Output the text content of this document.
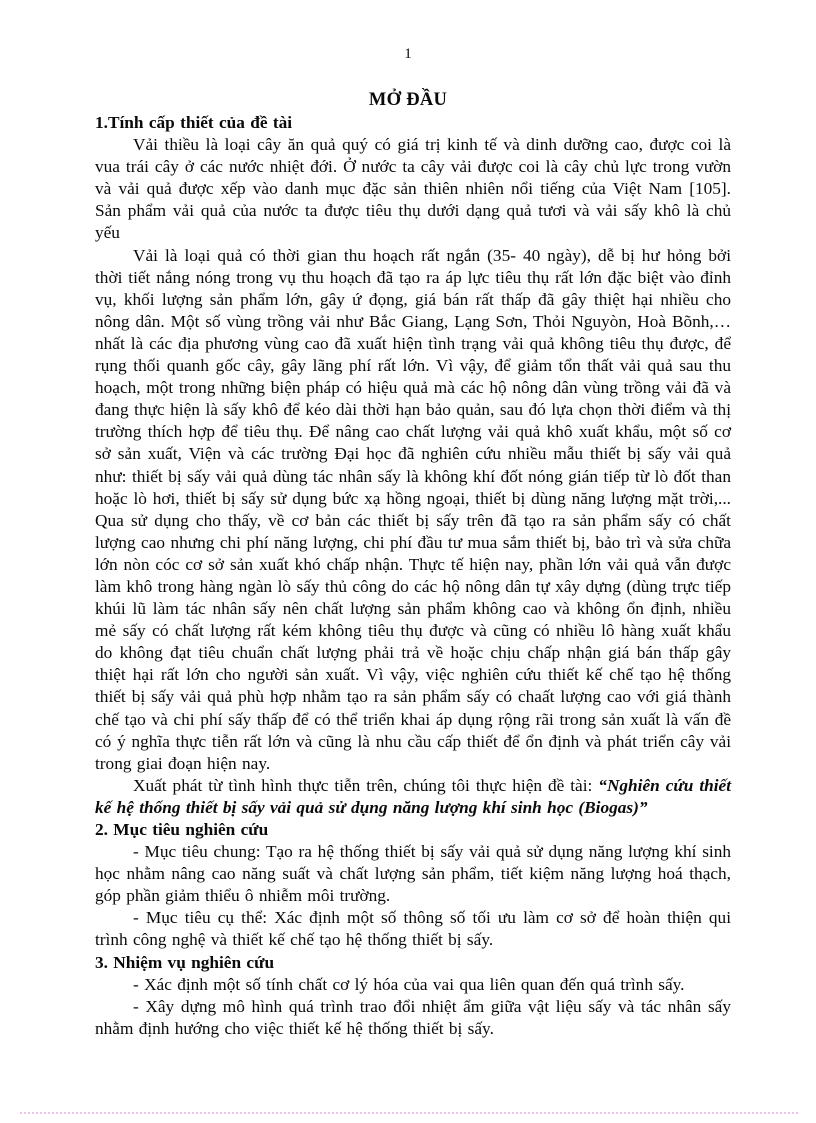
1
MỞ ĐẦU
1.Tính cấp thiết của đề tài
Vải thiều là loại cây ăn quả quý có giá trị kinh tế và dinh dưỡng cao, được coi là vua trái cây ở các nước nhiệt đới. Ở nước ta cây vải được coi là cây chủ lực trong vườn và vải quả được xếp vào danh mục đặc sản thiên nhiên nổi tiếng của Việt Nam [105]. Sản phẩm vải quả của nước ta được tiêu thụ dưới dạng quả tươi và vải sấy khô là chủ yếu
Vải là loại quả có thời gian thu hoạch rất ngắn (35- 40 ngày), dễ bị hư hỏng bởi thời tiết nắng nóng trong vụ thu hoạch đã tạo ra áp lực tiêu thụ rất lớn đặc biệt vào đỉnh vụ, khối lượng sản phẩm lớn, gây ứ đọng, giá bán rất thấp đã gây thiệt hại nhiều cho nông dân. Một số vùng trồng vải như Bắc Giang, Lạng Sơn, Thỏi Nguyòn, Hoà Bõnh,…nhất là các địa phương vùng cao đã xuất hiện tình trạng vải quả không tiêu thụ được, để rụng thối quanh gốc cây, gây lãng phí rất lớn. Vì vậy, để giảm tổn thất vải quả sau thu hoạch, một trong những biện pháp có hiệu quả mà các hộ nông dân vùng trồng vải đã và đang thực hiện là sấy khô để kéo dài thời hạn bảo quản, sau đó lựa chọn thời điểm và thị trường thích hợp để tiêu thụ. Để nâng cao chất lượng vải quả khô xuất khẩu, một số cơ sở sản xuất, Viện và các trường Đại học đã nghiên cứu nhiều mẫu thiết bị sấy vải quả như: thiết bị sấy vải quả dùng tác nhân sấy là không khí đốt nóng gián tiếp từ lò đốt than hoặc lò hơi, thiết bị sấy sử dụng bức xạ hồng ngoại, thiết bị dùng năng lượng mặt trời,... Qua sử dụng cho thấy, về cơ bản các thiết bị sấy trên đã tạo ra sản phẩm sấy có chất lượng cao nhưng chi phí năng lượng, chi phí đầu tư mua sắm thiết bị, bảo trì và sửa chữa lớn nòn cóc cơ sở sản xuất khó chấp nhận. Thực tế hiện nay, phần lớn vải quả vẫn được làm khô trong hàng ngàn lò sấy thủ công do các hộ nông dân tự xây dựng (dùng trực tiếp khúi lũ làm tác nhân sấy nên chất lượng sản phẩm không cao và không ổn định, nhiều mẻ sấy có chất lượng rất kém không tiêu thụ được và cũng có nhiều lô hàng xuất khẩu do không đạt tiêu chuẩn chất lượng phải trả về hoặc chịu chấp nhận giá bán thấp gây thiệt hại rất lớn cho người sản xuất. Vì vậy, việc nghiên cứu thiết kế chế tạo hệ thống thiết bị sấy vải quả phù hợp nhằm tạo ra sản phẩm sấy có chaất lượng cao với giá thành chế tạo và chi phí sấy thấp để có thể triển khai áp dụng rộng rãi trong sản xuất là vấn đề có ý nghĩa thực tiễn rất lớn và cũng là nhu cầu cấp thiết để ổn định và phát triển cây vải trong giai đoạn hiện nay.
Xuất phát từ tình hình thực tiễn trên, chúng tôi thực hiện đề tài: “Nghiên cứu thiết kế hệ thống thiết bị sấy vải quả sử dụng năng lượng khí sinh học (Biogas)”
2. Mục tiêu nghiên cứu
- Mục tiêu chung: Tạo ra hệ thống thiết bị sấy vải quả sử dụng năng lượng khí sinh học nhằm nâng cao năng suất và chất lượng sản phẩm, tiết kiệm năng lượng hoá thạch, góp phần giảm thiểu ô nhiễm môi trường.
- Mục tiêu cụ thể: Xác định một số thông số tối ưu làm cơ sở để hoàn thiện qui trình công nghệ và thiết kế chế tạo hệ thống thiết bị sấy.
3. Nhiệm vụ nghiên cứu
- Xác định một số tính chất cơ lý hóa của vai qua liên quan đến quá trình sấy.
- Xây dựng mô hình quá trình trao đổi nhiệt ẩm giữa vật liệu sấy và tác nhân sấy nhằm định hướng cho việc thiết kế hệ thống thiết bị sấy.
